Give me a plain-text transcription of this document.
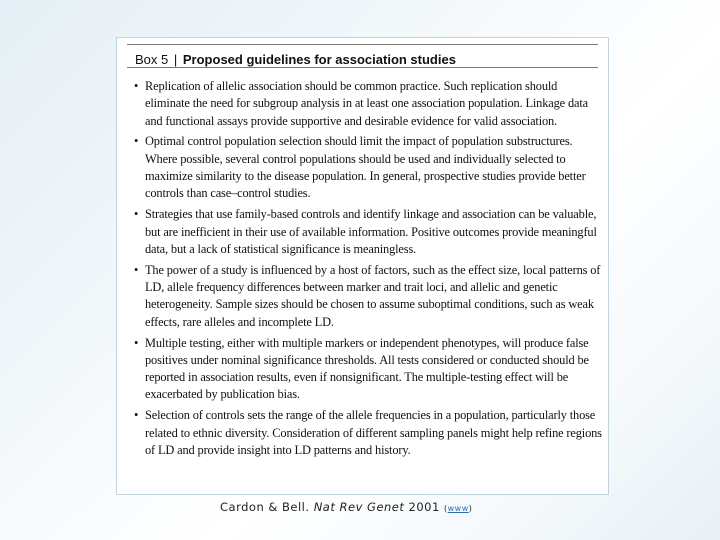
Box 5 | Proposed guidelines for association studies
• Replication of allelic association should be common practice. Such replication should eliminate the need for subgroup analysis in at least one association population. Linkage data and functional assays provide supportive and desirable evidence for valid association.
• Optimal control population selection should limit the impact of population substructures. Where possible, several control populations should be used and individually selected to maximize similarity to the disease population. In general, prospective studies provide better controls than case–control studies.
• Strategies that use family-based controls and identify linkage and association can be valuable, but are inefficient in their use of available information. Positive outcomes provide meaningful data, but a lack of statistical significance is meaningless.
• The power of a study is influenced by a host of factors, such as the effect size, local patterns of LD, allele frequency differences between marker and trait loci, and allelic and genetic heterogeneity. Sample sizes should be chosen to assume suboptimal conditions, such as weak effects, rare alleles and incomplete LD.
• Multiple testing, either with multiple markers or independent phenotypes, will produce false positives under nominal significance thresholds. All tests considered or conducted should be reported in association results, even if nonsignificant. The multiple-testing effect will be exacerbated by publication bias.
• Selection of controls sets the range of the allele frequencies in a population, particularly those related to ethnic diversity. Consideration of different sampling panels might help refine regions of LD and provide insight into LD patterns and history.
Cardon & Bell. Nat Rev Genet 2001 (www)
